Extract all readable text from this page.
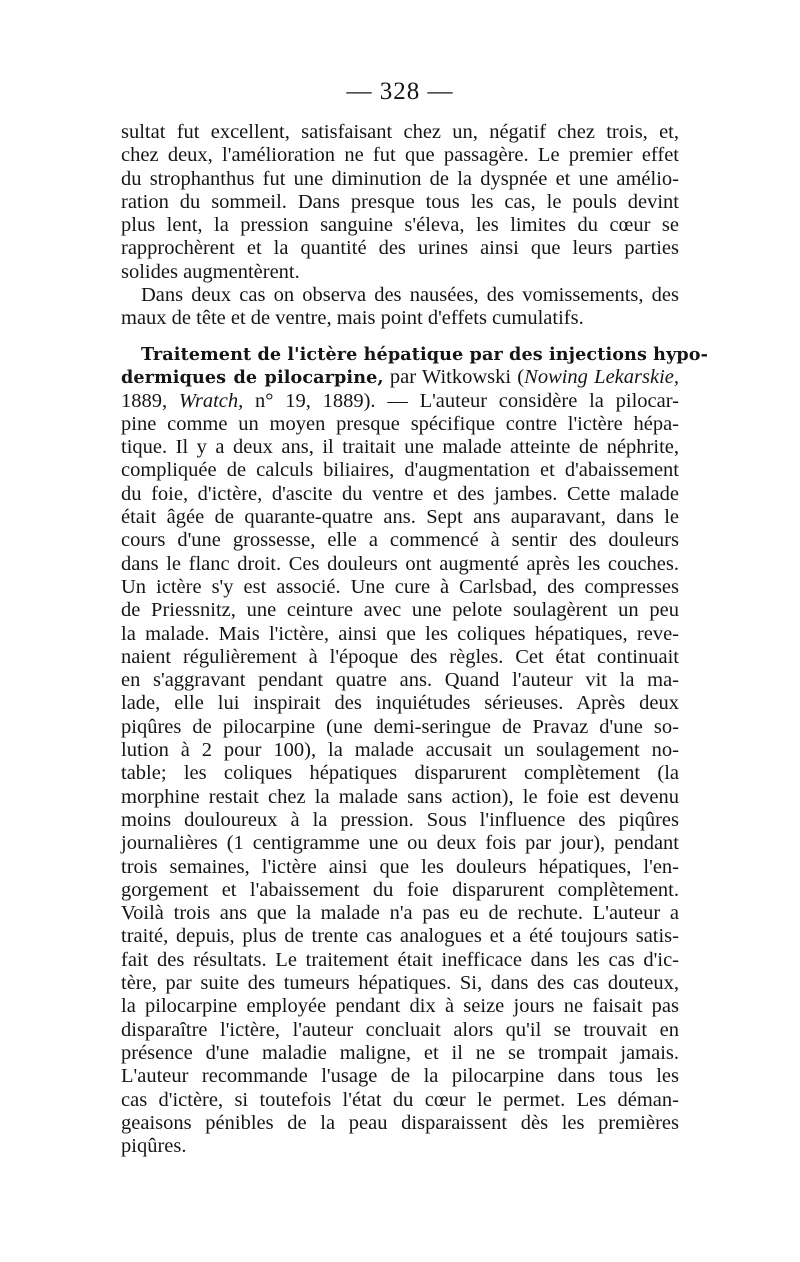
— 328 —
sultat fut excellent, satisfaisant chez un, négatif chez trois, et,
chez deux, l'amélioration ne fut que passagère. Le premier effet
du strophanthus fut une diminution de la dyspnée et une amélio-
ration du sommeil. Dans presque tous les cas, le pouls devint
plus lent, la pression sanguine s'éleva, les limites du cœur se
rapprochèrent et la quantité des urines ainsi que leurs parties
solides augmentèrent.
Dans deux cas on observa des nausées, des vomissements, des
maux de tête et de ventre, mais point d'effets cumulatifs.
Traitement de l'ictère hépatique par des injections hypo-
dermiques de pilocarpine, par Witkowski (Nowing Lekarskie,
1889, Wratch, n° 19, 1889). — L'auteur considère la pilocar-
pine comme un moyen presque spécifique contre l'ictère hépa-
tique. Il y a deux ans, il traitait une malade atteinte de néphrite,
compliquée de calculs biliaires, d'augmentation et d'abaissement
du foie, d'ictère, d'ascite du ventre et des jambes. Cette malade
était âgée de quarante-quatre ans. Sept ans auparavant, dans le
cours d'une grossesse, elle a commencé à sentir des douleurs
dans le flanc droit. Ces douleurs ont augmenté après les couches.
Un ictère s'y est associé. Une cure à Carlsbad, des compresses
de Priessnitz, une ceinture avec une pelote soulagèrent un peu
la malade. Mais l'ictère, ainsi que les coliques hépatiques, reve-
naient régulièrement à l'époque des règles. Cet état continuait
en s'aggravant pendant quatre ans. Quand l'auteur vit la ma-
lade, elle lui inspirait des inquiétudes sérieuses. Après deux
piqûres de pilocarpine (une demi-seringue de Pravaz d'une so-
lution à 2 pour 100), la malade accusait un soulagement no-
table; les coliques hépatiques disparurent complètement (la
morphine restait chez la malade sans action), le foie est devenu
moins douloureux à la pression. Sous l'influence des piqûres
journalières (1 centigramme une ou deux fois par jour), pendant
trois semaines, l'ictère ainsi que les douleurs hépatiques, l'en-
gorgement et l'abaissement du foie disparurent complètement.
Voilà trois ans que la malade n'a pas eu de rechute. L'auteur a
traité, depuis, plus de trente cas analogues et a été toujours satis-
fait des résultats. Le traitement était inefficace dans les cas d'ic-
tère, par suite des tumeurs hépatiques. Si, dans des cas douteux,
la pilocarpine employée pendant dix à seize jours ne faisait pas
disparaître l'ictère, l'auteur concluait alors qu'il se trouvait en
présence d'une maladie maligne, et il ne se trompait jamais.
L'auteur recommande l'usage de la pilocarpine dans tous les
cas d'ictère, si toutefois l'état du cœur le permet. Les déman-
geaisons pénibles de la peau disparaissent dès les premières
piqûres.
